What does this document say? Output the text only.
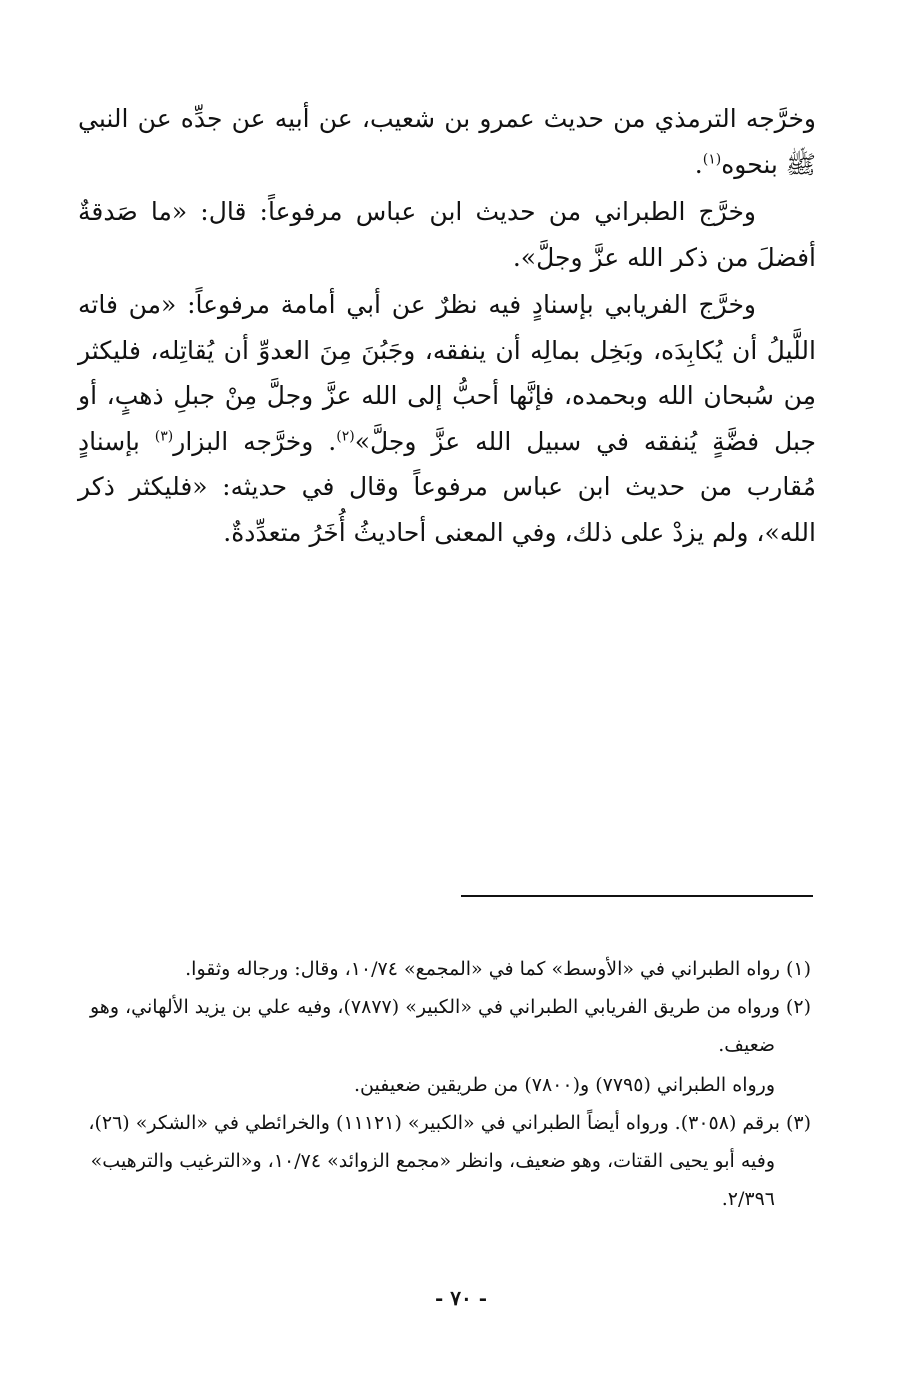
وخرَّجه الترمذي من حديث عمرو بن شعيب، عن أبيه عن جدِّه عن النبي ﷺ بنحوه$^{(١)}$.

وخرَّج الطبراني من حديث ابن عباس مرفوعاً: قال: «ما صَدقةٌ أفضلَ من ذكر الله عزَّ وجلَّ».

وخرَّج الفريابي بإسنادٍ فيه نظرٌ عن أبي أمامة مرفوعاً: «من فاته اللَّيلُ أن يُكابِدَه، وبَخِل بمالِه أن ينفقه، وجَبُنَ مِنَ العدوِّ أن يُقاتِله، فليكثر مِن سُبحان الله وبحمده، فإنَّها أحبُّ إلى الله عزَّ وجلَّ مِنْ جبلِ ذهبٍ، أو جبل فضَّةٍ يُنفقه في سبيل الله عزَّ وجلَّ»$^{(٢)}$. وخرَّجه البزار$^{(٣)}$ بإسنادٍ مُقارب من حديث ابن عباس مرفوعاً وقال في حديثه: «فليكثر ذكر الله»، ولم يزدْ على ذلك، وفي المعنى أحاديثُ أُخَرُ متعدِّدةٌ.

(١) رواه الطبراني في «الأوسط» كما في «المجمع» ١٠/٧٤، وقال: ورجاله وثقوا.

(٢) ورواه من طريق الفريابي الطبراني في «الكبير» (٧٨٧٧)، وفيه علي بن يزيد الألهاني، وهو ضعيف.

ورواه الطبراني (٧٧٩٥) و(٧٨٠٠) من طريقين ضعيفين.

(٣) برقم (٣٠٥٨). ورواه أيضاً الطبراني في «الكبير» (١١١٢١) والخرائطي في «الشكر» (٢٦)، وفيه أبو يحيى القتات، وهو ضعيف، وانظر «مجمع الزوائد» ١٠/٧٤، و«الترغيب والترهيب» ٢/٣٩٦.

- ٧٠ -
